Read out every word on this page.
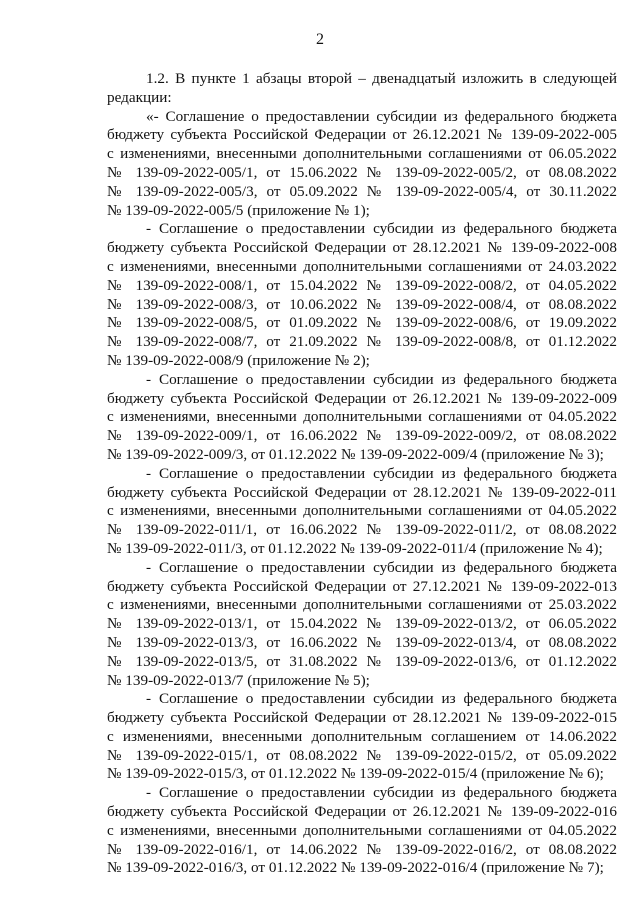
2
1.2. В пункте 1 абзацы второй – двенадцатый изложить в следующей
редакции:
«- Соглашение о предоставлении субсидии из федерального бюджета
бюджету субъекта Российской Федерации от 26.12.2021 № 139-09-2022-005
с изменениями, внесенными дополнительными соглашениями от 06.05.2022
№ 139-09-2022-005/1, от 15.06.2022 № 139-09-2022-005/2, от 08.08.2022
№ 139-09-2022-005/3, от 05.09.2022 № 139-09-2022-005/4, от 30.11.2022
№ 139-09-2022-005/5 (приложение № 1);
- Соглашение о предоставлении субсидии из федерального бюджета
бюджету субъекта Российской Федерации от 28.12.2021 № 139-09-2022-008
с изменениями, внесенными дополнительными соглашениями от 24.03.2022
№ 139-09-2022-008/1, от 15.04.2022 № 139-09-2022-008/2, от 04.05.2022
№ 139-09-2022-008/3, от 10.06.2022 № 139-09-2022-008/4, от 08.08.2022
№ 139-09-2022-008/5, от 01.09.2022 № 139-09-2022-008/6, от 19.09.2022
№ 139-09-2022-008/7, от 21.09.2022 № 139-09-2022-008/8, от 01.12.2022
№ 139-09-2022-008/9 (приложение № 2);
- Соглашение о предоставлении субсидии из федерального бюджета
бюджету субъекта Российской Федерации от 26.12.2021 № 139-09-2022-009
с изменениями, внесенными дополнительными соглашениями от 04.05.2022
№ 139-09-2022-009/1, от 16.06.2022 № 139-09-2022-009/2, от 08.08.2022
№ 139-09-2022-009/3, от 01.12.2022 № 139-09-2022-009/4 (приложение № 3);
- Соглашение о предоставлении субсидии из федерального бюджета
бюджету субъекта Российской Федерации от 28.12.2021 № 139-09-2022-011
с изменениями, внесенными дополнительными соглашениями от 04.05.2022
№ 139-09-2022-011/1, от 16.06.2022 № 139-09-2022-011/2, от 08.08.2022
№ 139-09-2022-011/3, от 01.12.2022 № 139-09-2022-011/4 (приложение № 4);
- Соглашение о предоставлении субсидии из федерального бюджета
бюджету субъекта Российской Федерации от 27.12.2021 № 139-09-2022-013
с изменениями, внесенными дополнительными соглашениями от 25.03.2022
№ 139-09-2022-013/1, от 15.04.2022 № 139-09-2022-013/2, от 06.05.2022
№ 139-09-2022-013/3, от 16.06.2022 № 139-09-2022-013/4, от 08.08.2022
№ 139-09-2022-013/5, от 31.08.2022 № 139-09-2022-013/6, от 01.12.2022
№ 139-09-2022-013/7 (приложение № 5);
- Соглашение о предоставлении субсидии из федерального бюджета
бюджету субъекта Российской Федерации от 28.12.2021 № 139-09-2022-015
с изменениями, внесенными дополнительным соглашением от 14.06.2022
№ 139-09-2022-015/1, от 08.08.2022 № 139-09-2022-015/2, от 05.09.2022
№ 139-09-2022-015/3, от 01.12.2022 № 139-09-2022-015/4 (приложение № 6);
- Соглашение о предоставлении субсидии из федерального бюджета
бюджету субъекта Российской Федерации от 26.12.2021 № 139-09-2022-016
с изменениями, внесенными дополнительными соглашениями от 04.05.2022
№ 139-09-2022-016/1, от 14.06.2022 № 139-09-2022-016/2, от 08.08.2022
№ 139-09-2022-016/3, от 01.12.2022 № 139-09-2022-016/4 (приложение № 7);
